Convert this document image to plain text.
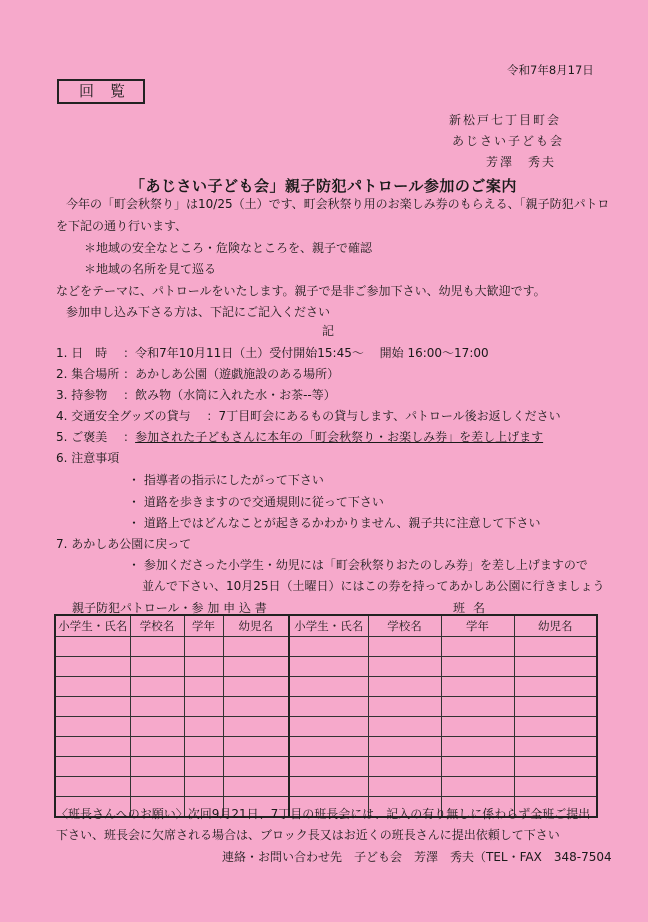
令和7年8月17日
回覧
新松戸七丁目町会
あじさい子ども会
芳澤　秀夫
「あじさい子ども会」親子防犯パトロール参加のご案内
今年の「町会秋祭り」は10/25（土）です、町会秋祭り用のお楽しみ券のもらえる、「親子防犯パトロ
を下記の通り行います、
＊地域の安全なところ・危険なところを、親子で確認
＊地域の名所を見て巡る
などをテーマに、パトロールをいたします。親子で是非ご参加下さい、幼児も大歓迎です。
参加申し込み下さる方は、下記にご記入ください
記
1. 日　時　 ：令和7年10月11日（土）受付開始15:45～　 開始 16:00～17:00
2. 集合場所 ：あかしあ公園（遊戯施設のある場所）
3. 持参物　 ：飲み物（水筒に入れた水・お茶--等）
4. 交通安全グッズの貸与　 ：7丁目町会にあるもの貸与します、パトロール後お返しください
5. ご褒美　 ：参加された子どもさんに本年の「町会秋祭り・お楽しみ券」を差し上げます
6. 注意事項
・ 指導者の指示にしたがって下さい
・ 道路を歩きますので交通規則に従って下さい
・ 道路上ではどんなことが起きるかわかりません、親子共に注意して下さい
7. あかしあ公園に戻って
・ 参加くださった小学生・幼児には「町会秋祭りおたのしみ券」を差し上げますので
並んで下さい、10月25日（土曜日）にはこの券を持ってあかしあ公園に行きましょう
親子防犯パトロール・参 加 申 込 書	班名
小学生・氏名	学校名	学年	幼児名	小学生・氏名	学校名	学年	幼児名

〈班長さんへのお願い〉次回9月21日、7丁目の班長会には、記入の有り無しに係わらず全班ご提出
下さい、班長会に欠席される場合は、ブロック長又はお近くの班長さんに提出依頼して下さい
連絡・お問い合わせ先　子ども会　芳澤　秀夫（TEL・FAX　348-7504
